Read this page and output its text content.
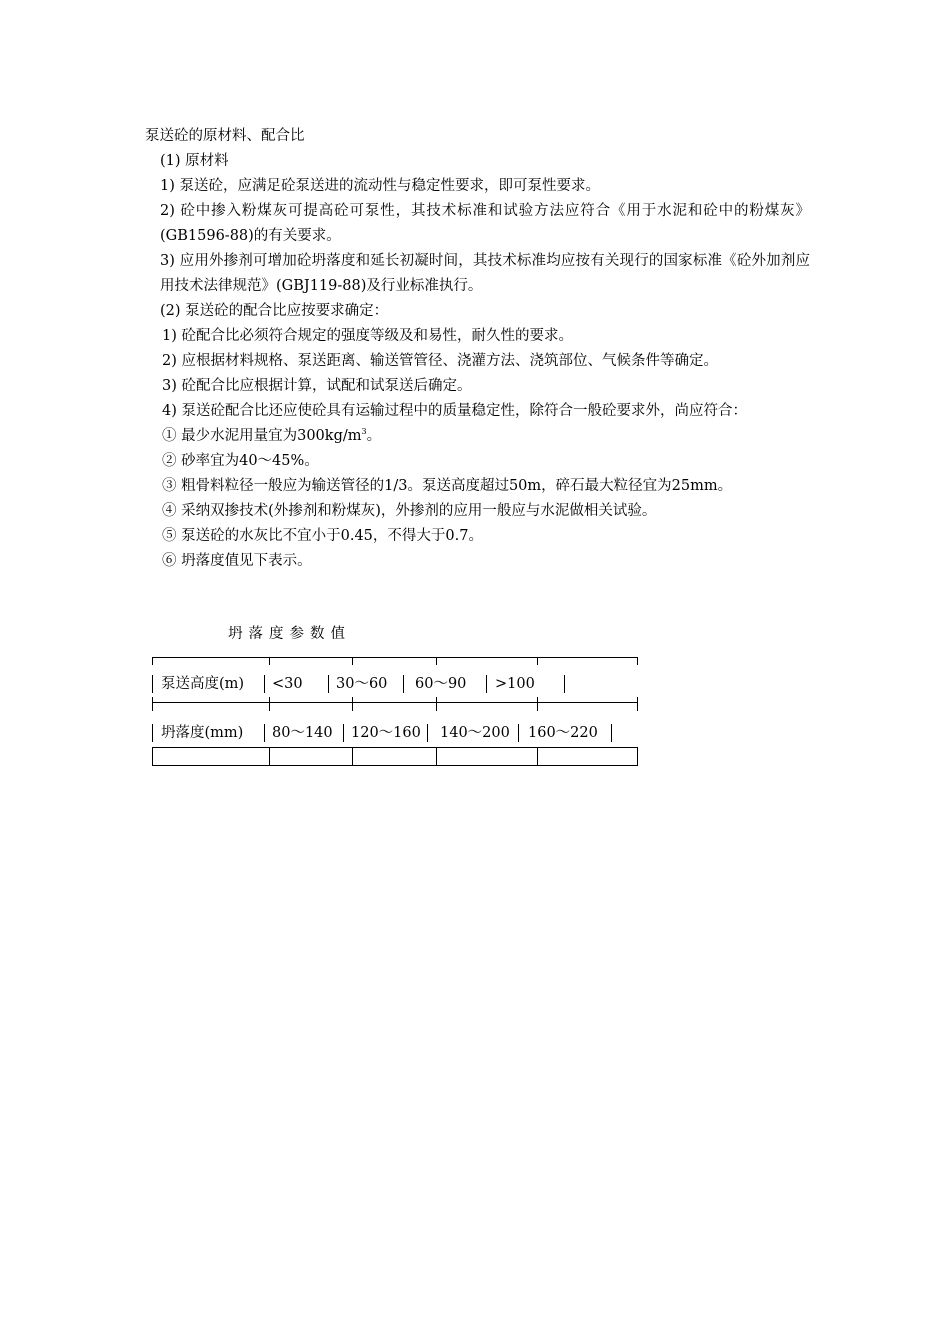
泵送砼的原材料、配合比
(1) 原材料
1) 泵送砼，应满足砼泵送进的流动性与稳定性要求，即可泵性要求。
2) 砼中掺入粉煤灰可提高砼可泵性，其技术标准和试验方法应符合《用于水泥和砼中的粉煤灰》(GB1596-88)的有关要求。
3) 应用外掺剂可增加砼坍落度和延长初凝时间，其技术标准均应按有关现行的国家标准《砼外加剂应用技术法律规范》(GBJ119-88)及行业标准执行。
(2) 泵送砼的配合比应按要求确定：
1) 砼配合比必须符合规定的强度等级及和易性，耐久性的要求。
2) 应根据材料规格、泵送距离、输送管管径、浇灌方法、浇筑部位、气候条件等确定。
3) 砼配合比应根据计算，试配和试泵送后确定。
4) 泵送砼配合比还应使砼具有运输过程中的质量稳定性，除符合一般砼要求外，尚应符合：
① 最少水泥用量宜为$300kg/m^3$。
② 砂率宜为40～45%。
③ 粗骨料粒径一般应为输送管径的1/3。泵送高度超过50m，碎石最大粒径宜为25mm。
④ 采纳双掺技术(外掺剂和粉煤灰)，外掺剂的应用一般应与水泥做相关试验。
⑤ 泵送砼的水灰比不宜小于0.45，不得大于0.7。
⑥ 坍落度值见下表示。
坍落度参数值
泵送高度(m) <30 30～60 60～90 >100
坍落度(mm) 80～140 120～160 140～200 160～220
